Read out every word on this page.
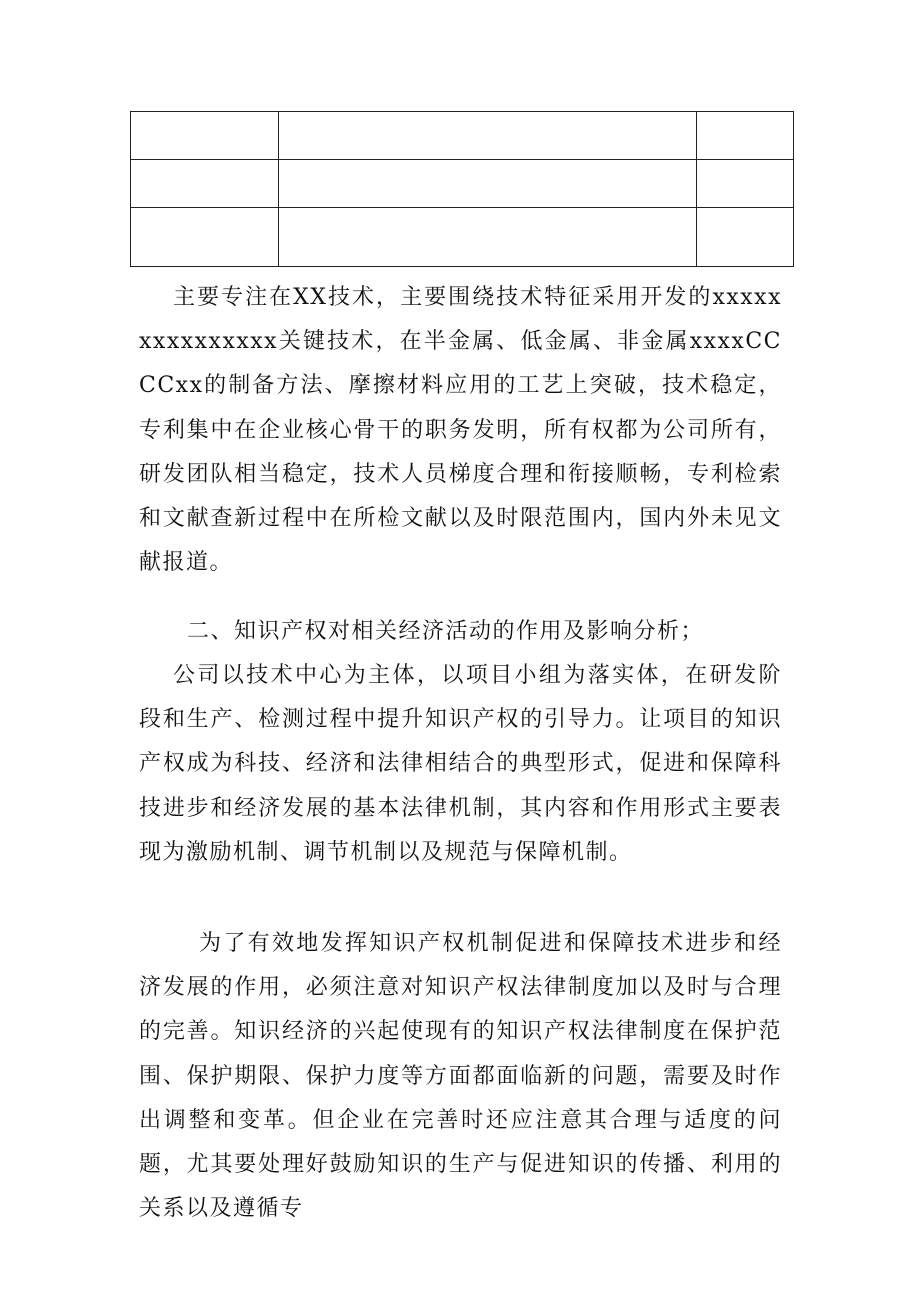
主要专注在XX技术，主要围绕技术特征采用开发的xxxxxxxxxxxxxxx关键技术，在半金属、低金属、非金属xxxxCCCCxx的制备方法、摩擦材料应用的工艺上突破，技术稳定，专利集中在企业核心骨干的职务发明，所有权都为公司所有，研发团队相当稳定，技术人员梯度合理和衔接顺畅，专利检索和文献查新过程中在所检文献以及时限范围内，国内外未见文献报道。

二、知识产权对相关经济活动的作用及影响分析；

公司以技术中心为主体，以项目小组为落实体，在研发阶段和生产、检测过程中提升知识产权的引导力。让项目的知识产权成为科技、经济和法律相结合的典型形式，促进和保障科技进步和经济发展的基本法律机制，其内容和作用形式主要表现为激励机制、调节机制以及规范与保障机制。

为了有效地发挥知识产权机制促进和保障技术进步和经济发展的作用，必须注意对知识产权法律制度加以及时与合理的完善。知识经济的兴起使现有的知识产权法律制度在保护范围、保护期限、保护力度等方面都面临新的问题，需要及时作出调整和变革。但企业在完善时还应注意其合理与适度的问题，尤其要处理好鼓励知识的生产与促进知识的传播、利用的关系以及遵循专
